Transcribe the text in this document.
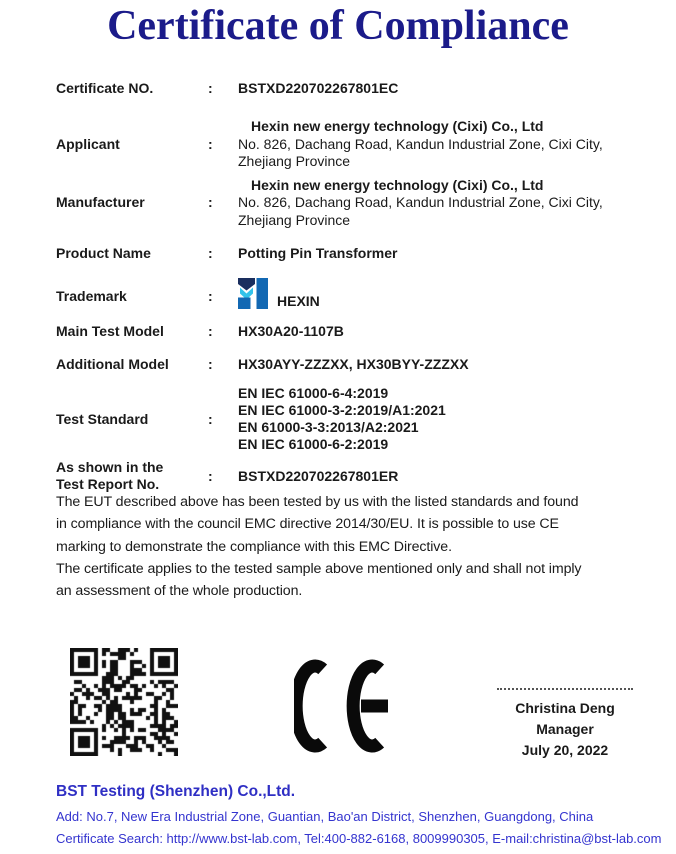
Certificate of Compliance
Certificate NO.	:	BSTXD220702267801EC
Applicant	:
Hexin new energy technology (Cixi) Co., Ltd
No. 826, Dachang Road, Kandun Industrial Zone, Cixi City,
Zhejiang Province
Manufacturer	:
Hexin new energy technology (Cixi) Co., Ltd
No. 826, Dachang Road, Kandun Industrial Zone, Cixi City,
Zhejiang Province
Product Name	:	Potting Pin Transformer
Trademark	:	HEXIN
Main Test Model	:	HX30A20-1107B
Additional Model	:	HX30AYY-ZZZXX, HX30BYY-ZZZXX
Test Standard	:
EN IEC 61000-6-4:2019
EN IEC 61000-3-2:2019/A1:2021
EN 61000-3-3:2013/A2:2021
EN IEC 61000-6-2:2019
As shown in the
Test Report No.
:	BSTXD220702267801ER
The EUT described above has been tested by us with the listed standards and found
in compliance with the council EMC directive 2014/30/EU. It is possible to use CE
marking to demonstrate the compliance with this EMC Directive.
The certificate applies to the tested sample above mentioned only and shall not imply
an assessment of the whole production.
Christina Deng
Manager
July 20, 2022
BST Testing (Shenzhen) Co.,Ltd.
Add: No.7, New Era Industrial Zone, Guantian, Bao'an District, Shenzhen, Guangdong, China
Certificate Search: http://www.bst-lab.com, Tel:400-882-6168, 8009990305, E-mail:christina@bst-lab.com
